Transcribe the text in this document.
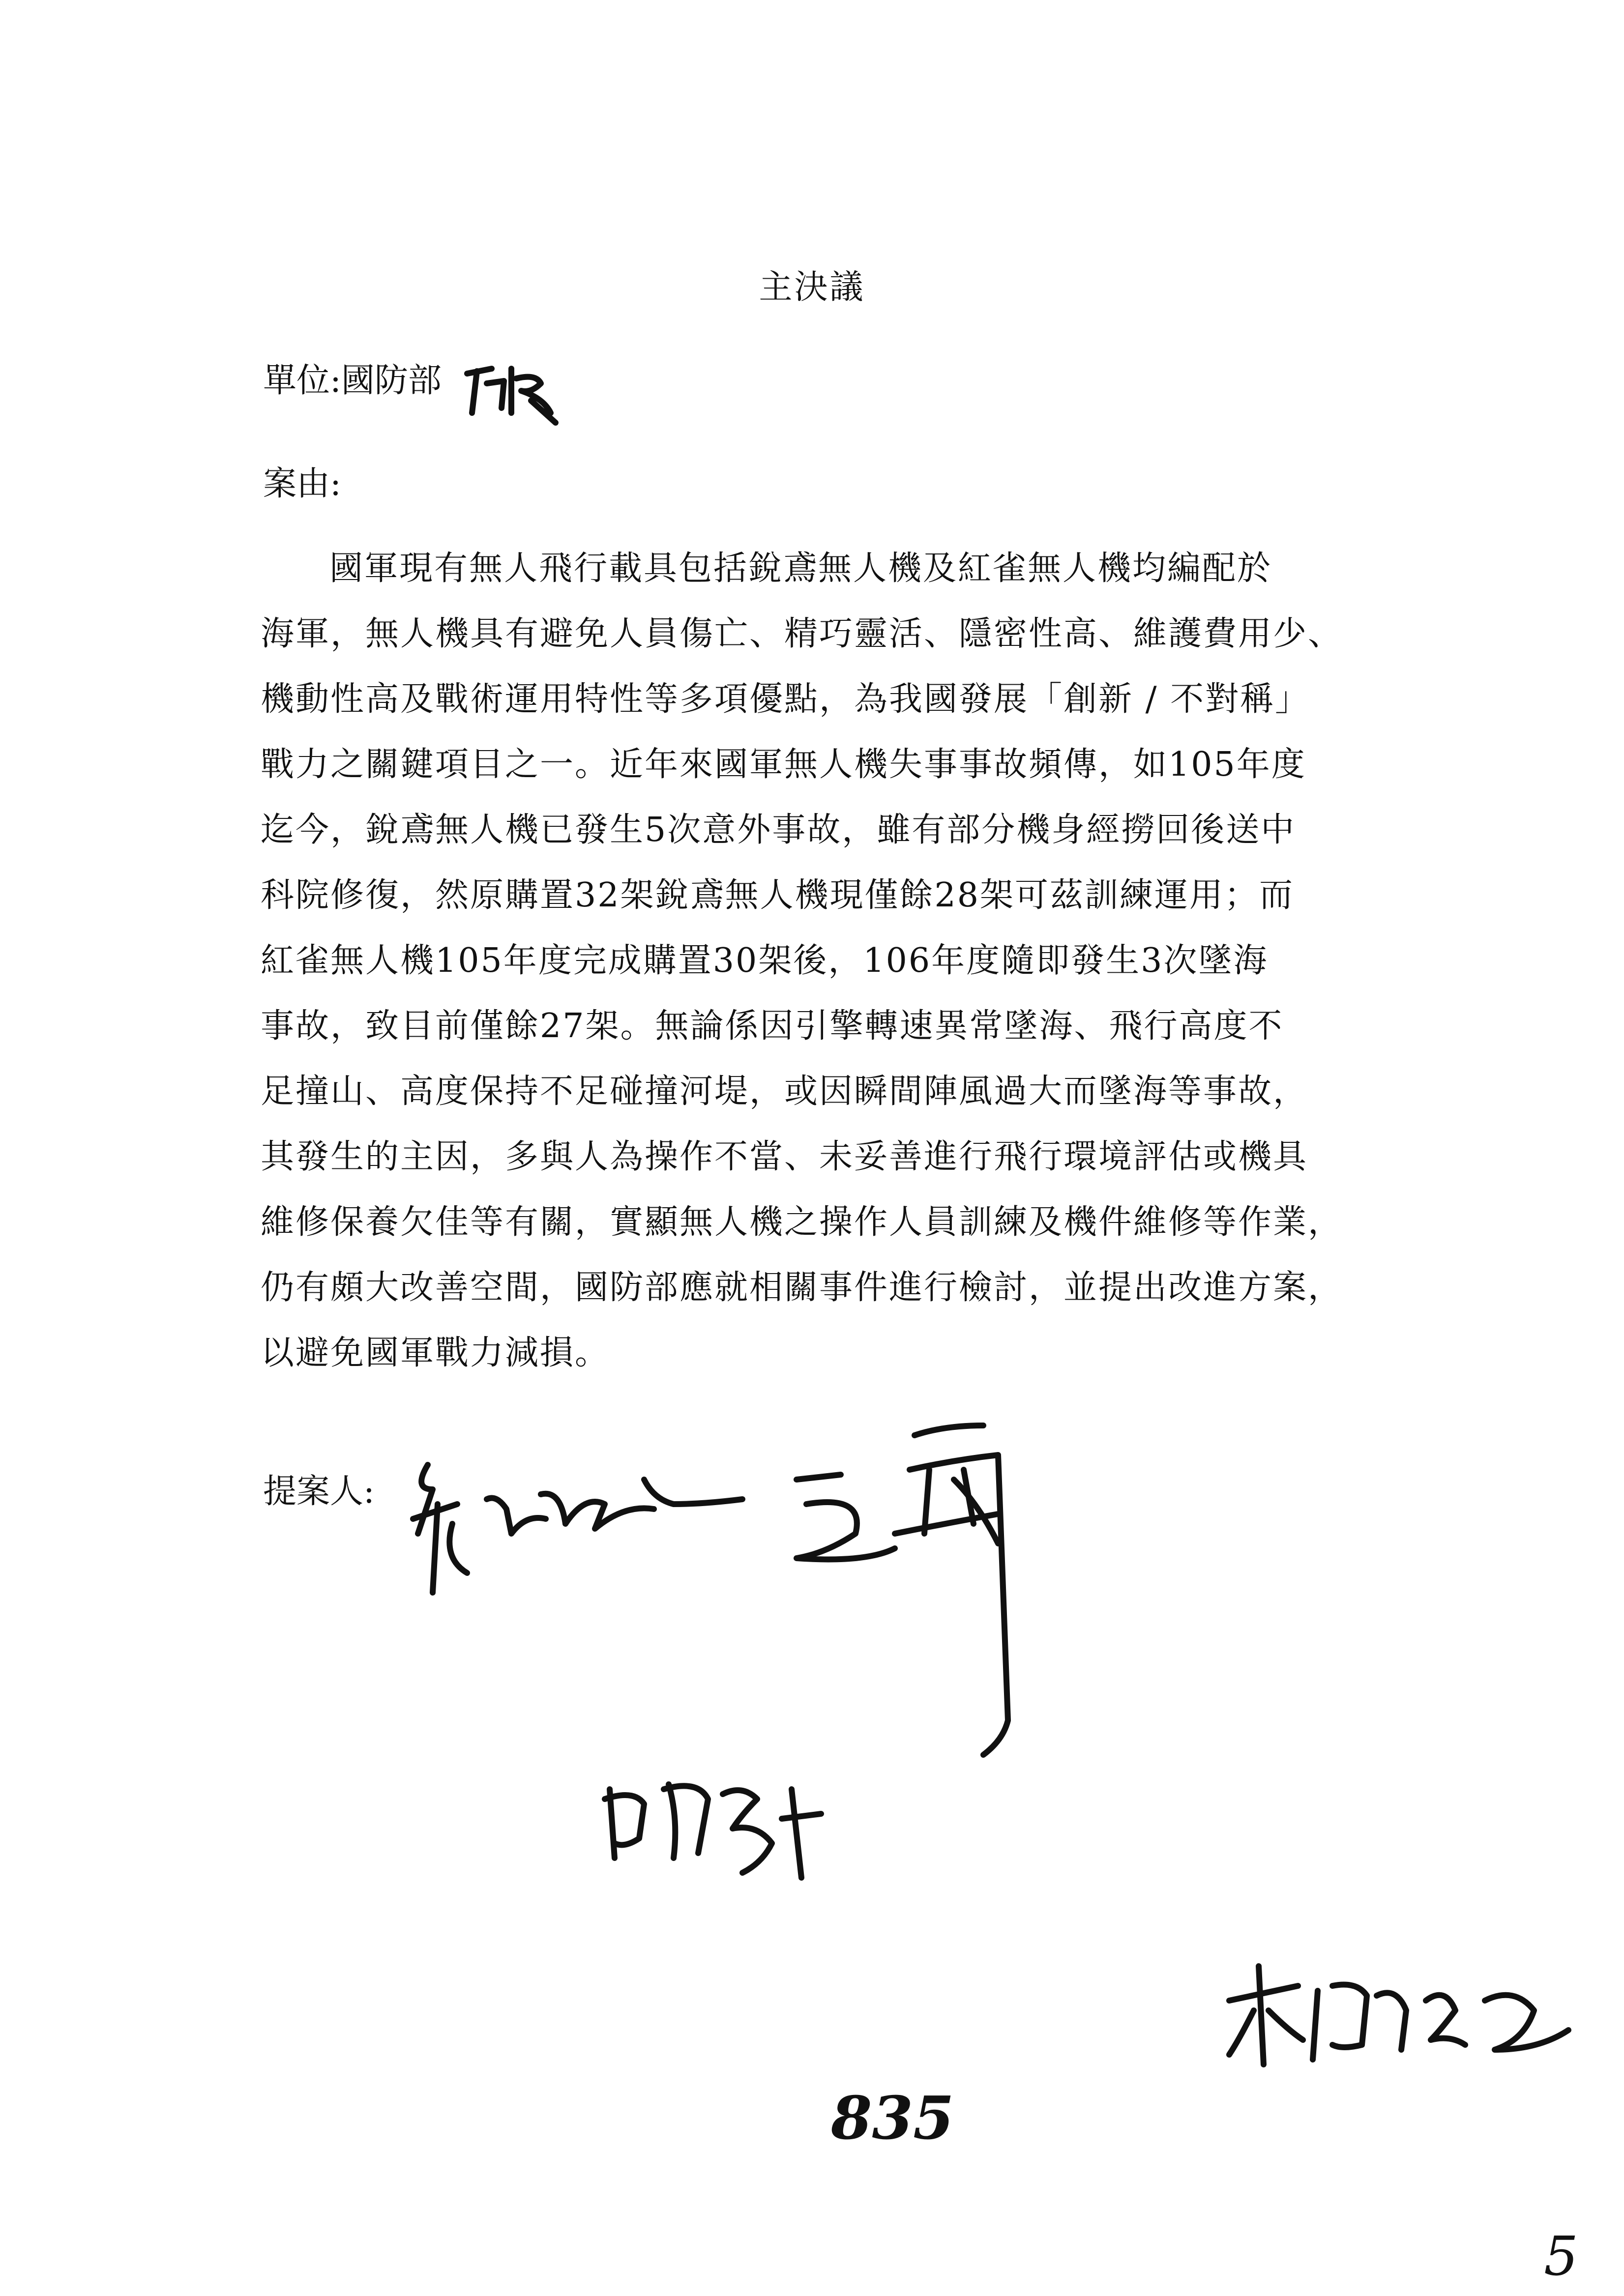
主決議
單位:國防部
案由:
國軍現有無人飛行載具包括銳鳶無人機及紅雀無人機均編配於
海軍，無人機具有避免人員傷亡、精巧靈活、隱密性高、維護費用少、
機動性高及戰術運用特性等多項優點，為我國發展「創新 / 不對稱」
戰力之關鍵項目之一。近年來國軍無人機失事事故頻傳，如105年度
迄今，銳鳶無人機已發生5次意外事故，雖有部分機身經撈回後送中
科院修復，然原購置32架銳鳶無人機現僅餘28架可茲訓練運用；而
紅雀無人機105年度完成購置30架後，106年度隨即發生3次墜海
事故，致目前僅餘27架。無論係因引擎轉速異常墜海、飛行高度不
足撞山、高度保持不足碰撞河堤，或因瞬間陣風過大而墜海等事故，
其發生的主因，多與人為操作不當、未妥善進行飛行環境評估或機具
維修保養欠佳等有關，實顯無人機之操作人員訓練及機件維修等作業，
仍有頗大改善空間，國防部應就相關事件進行檢討，並提出改進方案，
以避免國軍戰力減損。
提案人:
835
5
